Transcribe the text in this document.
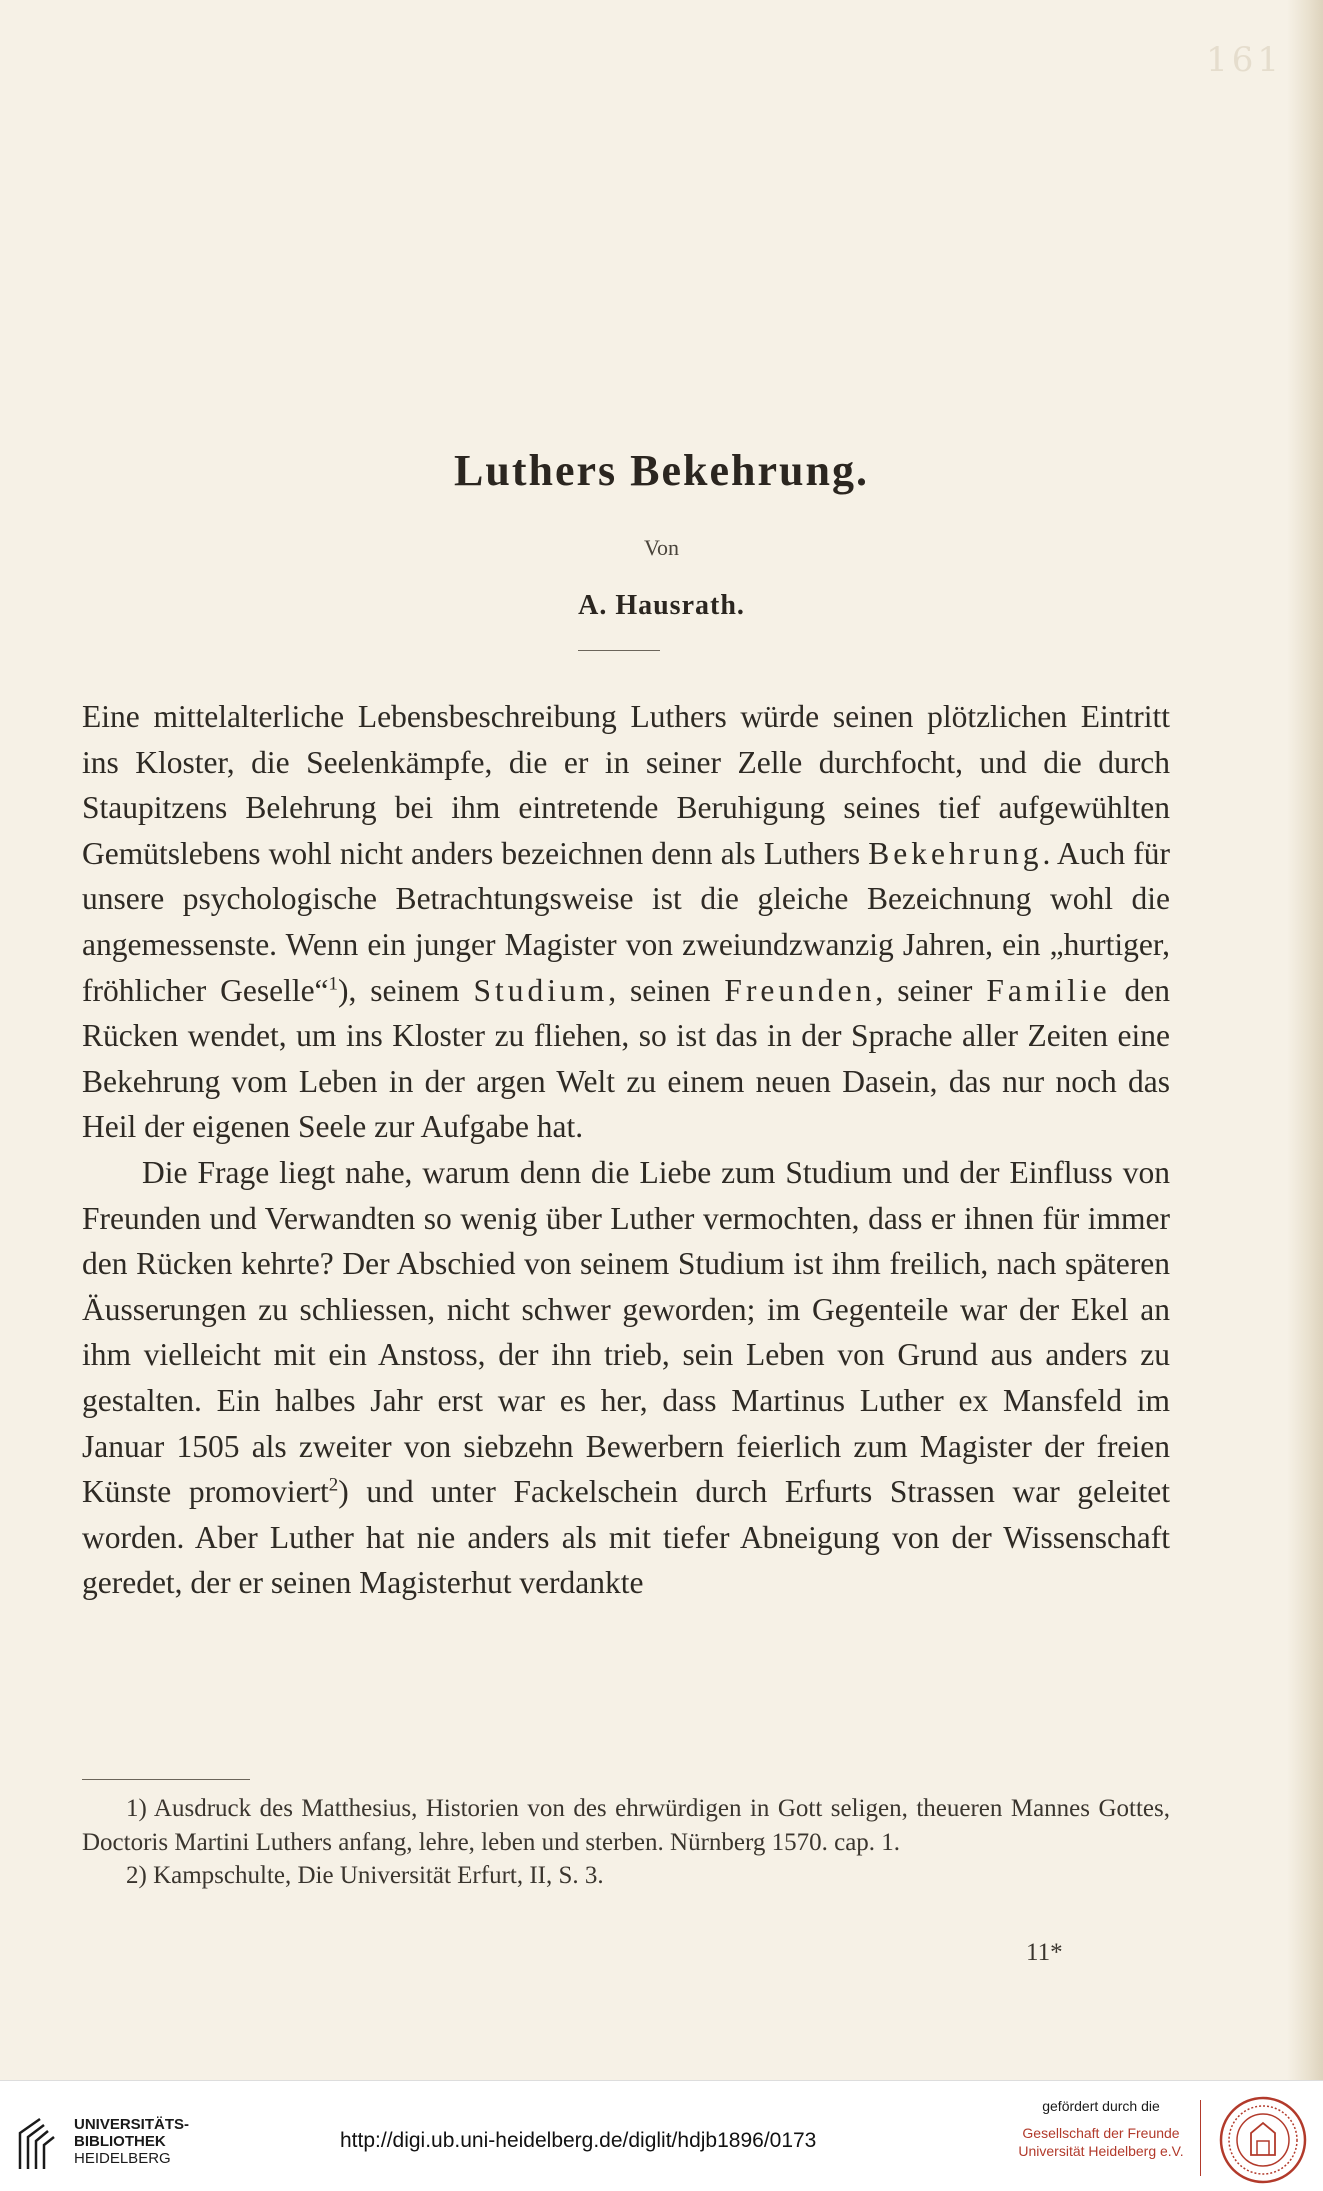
161
Luthers Bekehrung.
Von
A. Hausrath.

Eine mittelalterliche Lebensbeschreibung Luthers würde seinen plötzlichen Eintritt ins Kloster, die Seelenkämpfe, die er in seiner Zelle durchfocht, und die durch Staupitzens Belehrung bei ihm eintretende Beruhigung seines tief aufgewühlten Gemütslebens wohl nicht anders bezeichnen denn als Luthers Bekehrung. Auch für unsere psychologische Betrachtungsweise ist die gleiche Bezeichnung wohl die angemessenste. Wenn ein junger Magister von zweiundzwanzig Jahren, ein „hurtiger, fröhlicher Geselle“$^1$), seinem Studium, seinen Freunden, seiner Familie den Rücken wendet, um ins Kloster zu fliehen, so ist das in der Sprache aller Zeiten eine Bekehrung vom Leben in der argen Welt zu einem neuen Dasein, das nur noch das Heil der eigenen Seele zur Aufgabe hat.

Die Frage liegt nahe, warum denn die Liebe zum Studium und der Einfluss von Freunden und Verwandten so wenig über Luther vermochten, dass er ihnen für immer den Rücken kehrte? Der Abschied von seinem Studium ist ihm freilich, nach späteren Äusserungen zu schliessen, nicht schwer geworden; im Gegenteile war der Ekel an ihm vielleicht mit ein Anstoss, der ihn trieb, sein Leben von Grund aus anders zu gestalten. Ein halbes Jahr erst war es her, dass Martinus Luther ex Mansfeld im Januar 1505 als zweiter von siebzehn Bewerbern feierlich zum Magister der freien Künste promoviert$^2$) und unter Fackelschein durch Erfurts Strassen war geleitet worden. Aber Luther hat nie anders als mit tiefer Abneigung von der Wissenschaft geredet, der er seinen Magisterhut verdankte

1) Ausdruck des Matthesius, Historien von des ehrwürdigen in Gott seligen, theueren Mannes Gottes, Doctoris Martini Luthers anfang, lehre, leben und sterben. Nürnberg 1570. cap. 1.

2) Kampschulte, Die Universität Erfurt, II, S. 3.

11*
UNIVERSITÄTS-
BIBLIOTHEK
HEIDELBERG
http://digi.ub.uni-heidelberg.de/diglit/hdjb1896/0173
gefördert durch die
Gesellschaft der Freunde
Universität Heidelberg e.V.
